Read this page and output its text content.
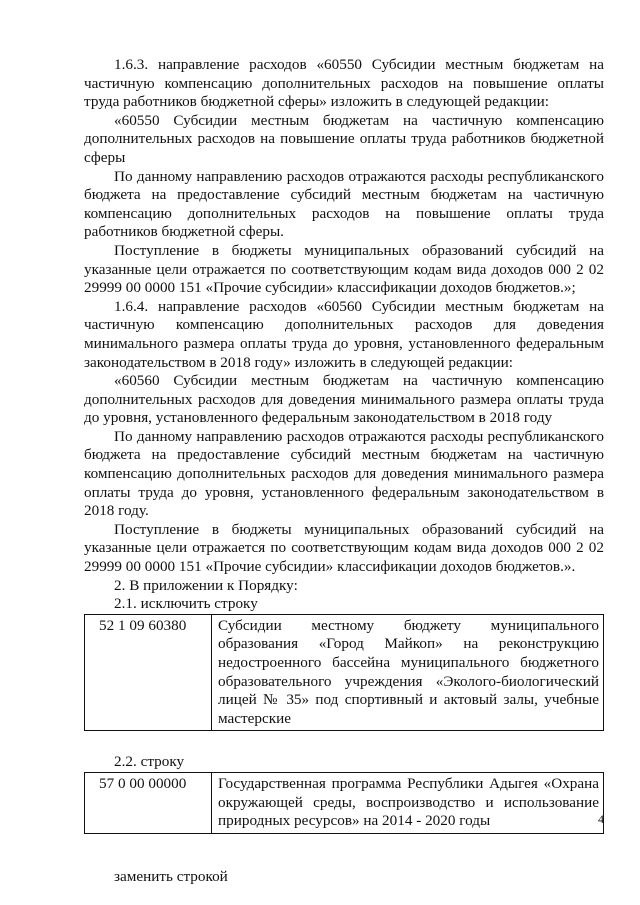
1.6.3. направление расходов «60550 Субсидии местным бюджетам на частичную компенсацию дополнительных расходов на повышение оплаты труда работников бюджетной сферы» изложить в следующей редакции:

«60550 Субсидии местным бюджетам на частичную компенсацию дополнительных расходов на повышение оплаты труда работников бюджетной сферы

По данному направлению расходов отражаются расходы республиканского бюджета на предоставление субсидий местным бюджетам на частичную компенсацию дополнительных расходов на повышение оплаты труда работников бюджетной сферы.

Поступление в бюджеты муниципальных образований субсидий на указанные цели отражается по соответствующим кодам вида доходов 000 2 02 29999 00 0000 151 «Прочие субсидии» классификации доходов бюджетов.»;

1.6.4. направление расходов «60560 Субсидии местным бюджетам на частичную компенсацию дополнительных расходов для доведения минимального размера оплаты труда до уровня, установленного федеральным законодательством в 2018 году» изложить в следующей редакции:

«60560 Субсидии местным бюджетам на частичную компенсацию дополнительных расходов для доведения минимального размера оплаты труда до уровня, установленного федеральным законодательством в 2018 году

По данному направлению расходов отражаются расходы республиканского бюджета на предоставление субсидий местным бюджетам на частичную компенсацию дополнительных расходов для доведения минимального размера оплаты труда до уровня, установленного федеральным законодательством в 2018 году.

Поступление в бюджеты муниципальных образований субсидий на указанные цели отражается по соответствующим кодам вида доходов 000 2 02 29999 00 0000 151 «Прочие субсидии» классификации доходов бюджетов.».

2. В приложении к Порядку:

2.1. исключить строку

52 1 09 60380	Субсидии местному бюджету муниципального образования «Город Майкоп» на реконструкцию недостроенного бассейна муниципального бюджетного образовательного учреждения «Эколого-биологический лицей № 35» под спортивный и актовый залы, учебные мастерские

2.2. строку

57 0 00 00000	Государственная программа Республики Адыгея «Охрана окружающей среды, воспроизводство и использование природных ресурсов» на 2014 - 2020 годы

заменить строкой

4
